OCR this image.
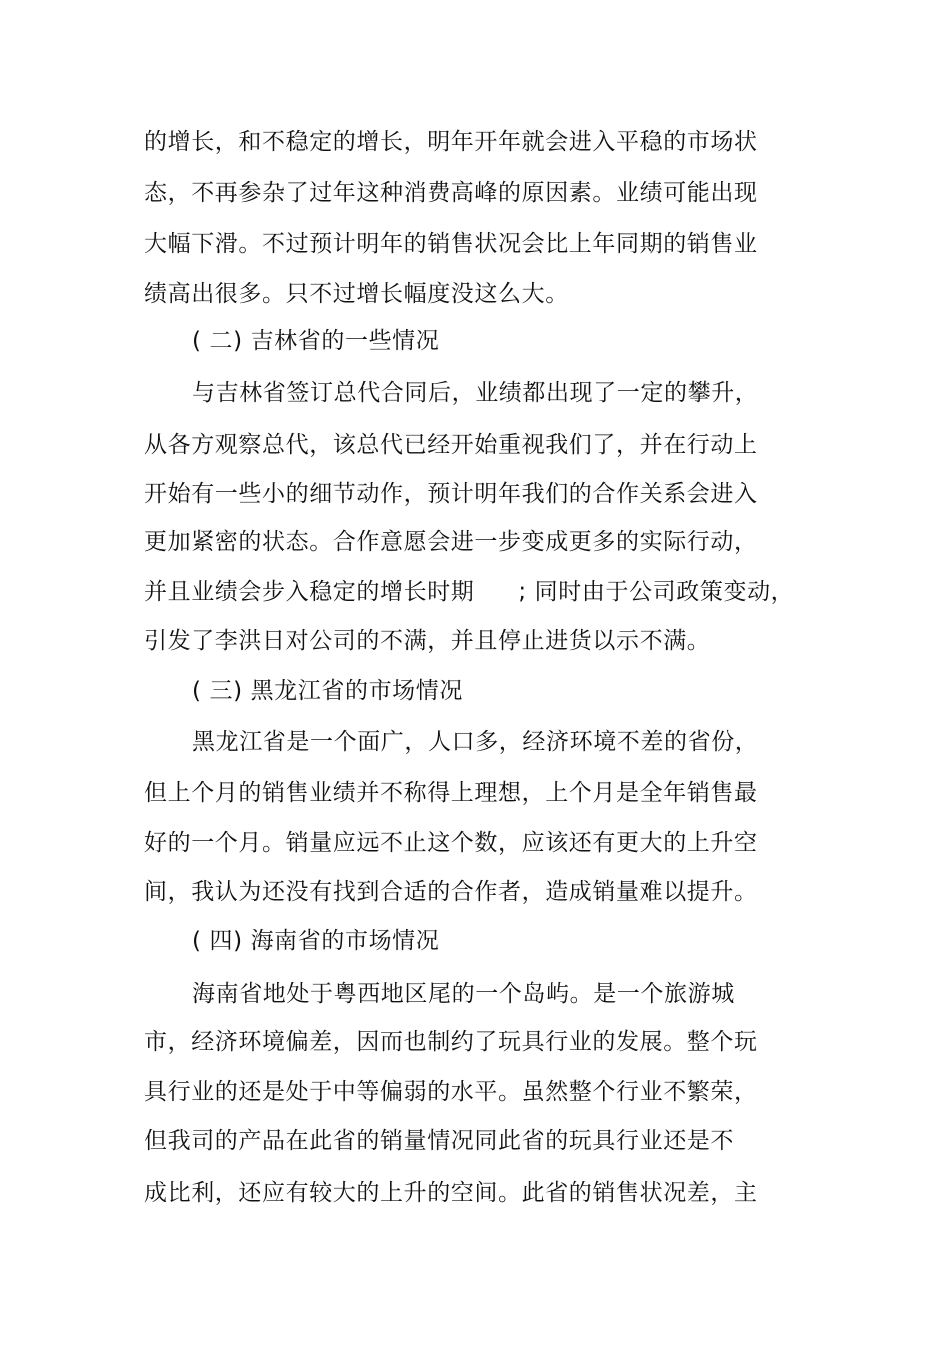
的增长，和不稳定的增长，明年开年就会进入平稳的市场状
态，不再参杂了过年这种消费高峰的原因素。业绩可能出现
大幅下滑。不过预计明年的销售状况会比上年同期的销售业
绩高出很多。只不过增长幅度没这么大。
( 二) 吉林省的一些情况
与吉林省签订总代合同后，业绩都出现了一定的攀升，
从各方观察总代，该总代已经开始重视我们了，并在行动上
开始有一些小的细节动作，预计明年我们的合作关系会进入
更加紧密的状态。合作意愿会进一步变成更多的实际行动，
并且业绩会步入稳定的增长时期 ; 同时由于公司政策变动，
引发了李洪日对公司的不满，并且停止进货以示不满。
( 三) 黑龙江省的市场情况
黑龙江省是一个面广，人口多，经济环境不差的省份，
但上个月的销售业绩并不称得上理想，上个月是全年销售最
好的一个月。销量应远不止这个数，应该还有更大的上升空
间，我认为还没有找到合适的合作者，造成销量难以提升。
( 四) 海南省的市场情况
海南省地处于粤西地区尾的一个岛屿。是一个旅游城
市，经济环境偏差，因而也制约了玩具行业的发展。整个玩
具行业的还是处于中等偏弱的水平。虽然整个行业不繁荣，
但我司的产品在此省的销量情况同此省的玩具行业还是不
成比利，还应有较大的上升的空间。此省的销售状况差，主
